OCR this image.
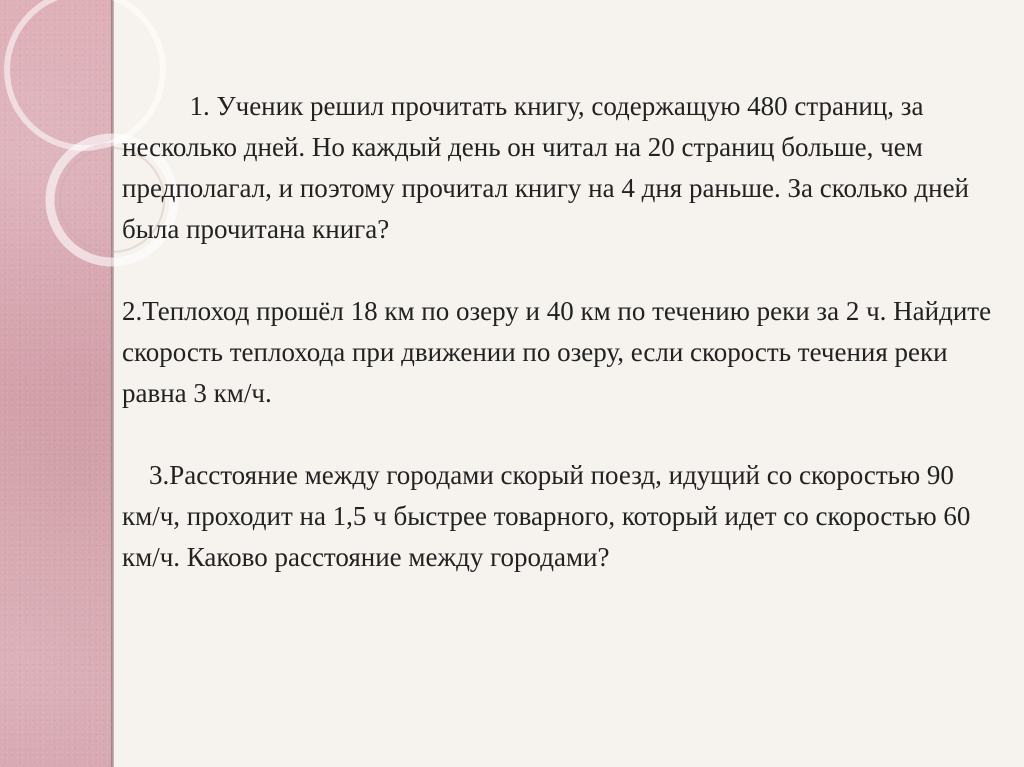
1. Ученик решил прочитать книгу, содержащую 480 страниц, за несколько дней. Но каждый день он читал на 20 страниц больше, чем предполагал, и поэтому прочитал книгу на 4 дня раньше. За сколько дней была прочитана книга?

2.Теплоход прошёл 18 км по озеру и 40 км по течению реки за 2 ч. Найдите скорость теплохода при движении по озеру, если скорость течения реки равна 3 км/ч.

3.Расстояние между городами скорый поезд, идущий со скоростью 90 км/ч, проходит на 1,5 ч быстрее товарного, который идет со скоростью 60 км/ч. Каково расстояние между городами?
